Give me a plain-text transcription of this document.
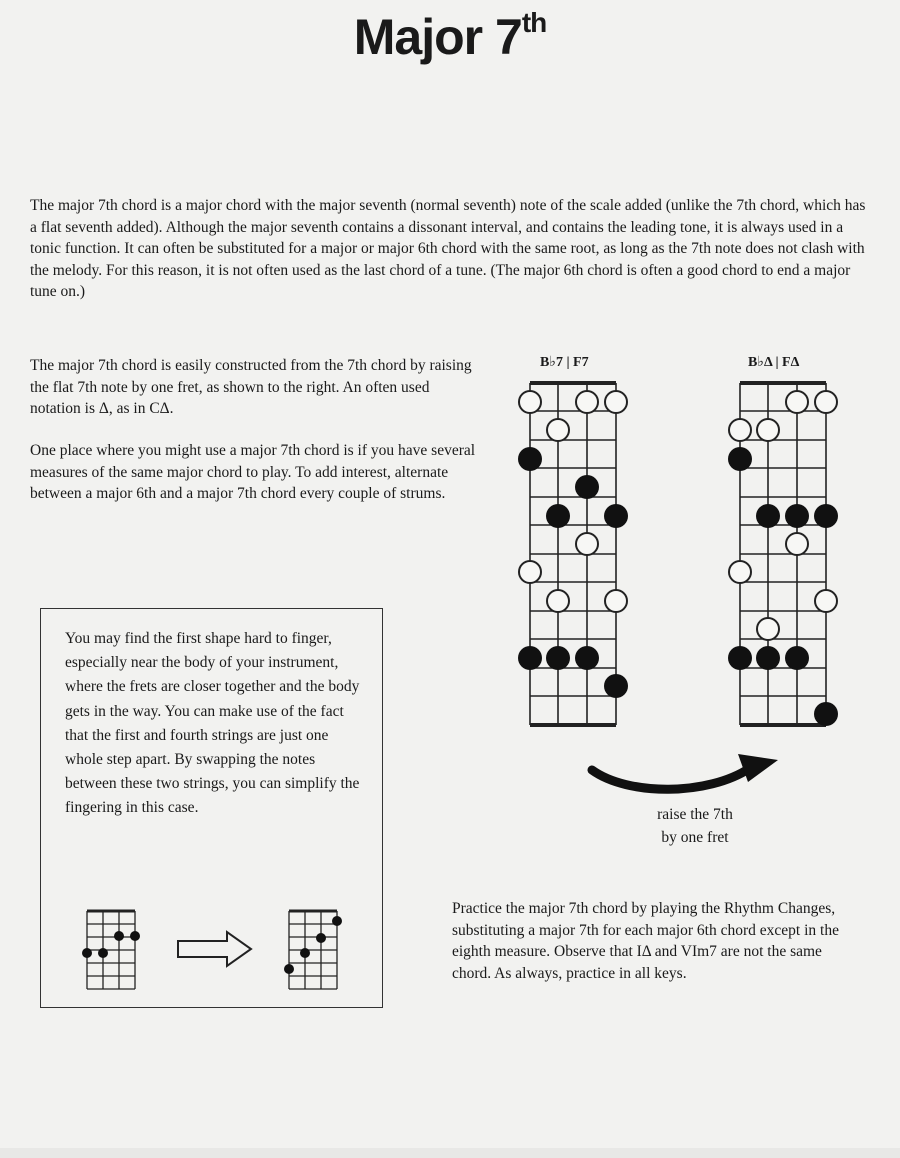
Major 7th

The major 7th chord is a major chord with the major seventh (normal seventh) note of the scale added (unlike the 7th chord, which has a flat seventh added). Although the major seventh contains a dissonant interval, and contains the leading tone, it is always used in a tonic function. It can often be substituted for a major or major 6th chord with the same root, as long as the 7th note does not clash with the melody. For this reason, it is not often used as the last chord of a tune. (The major 6th chord is often a good chord to end a major tune on.)

The major 7th chord is easily constructed from the 7th chord by raising the flat 7th note by one fret, as shown to the right. An often used notation is Δ, as in CΔ.

One place where you might use a major 7th chord is if you have several measures of the same major chord to play. To add interest, alternate between a major 6th and a major 7th chord every couple of strums.

B♭7 | F7	B♭Δ | FΔ
raise the 7th
by one fret

You may find the first shape hard to finger, especially near the body of your instrument, where the frets are closer together and the body gets in the way. You can make use of the fact that the first and fourth strings are just one whole step apart. By swapping the notes between these two strings, you can simplify the fingering in this case.

Practice the major 7th chord by playing the Rhythm Changes, substituting a major 7th for each major 6th chord except in the eighth measure. Observe that IΔ and VIm7 are not the same chord. As always, practice in all keys.
